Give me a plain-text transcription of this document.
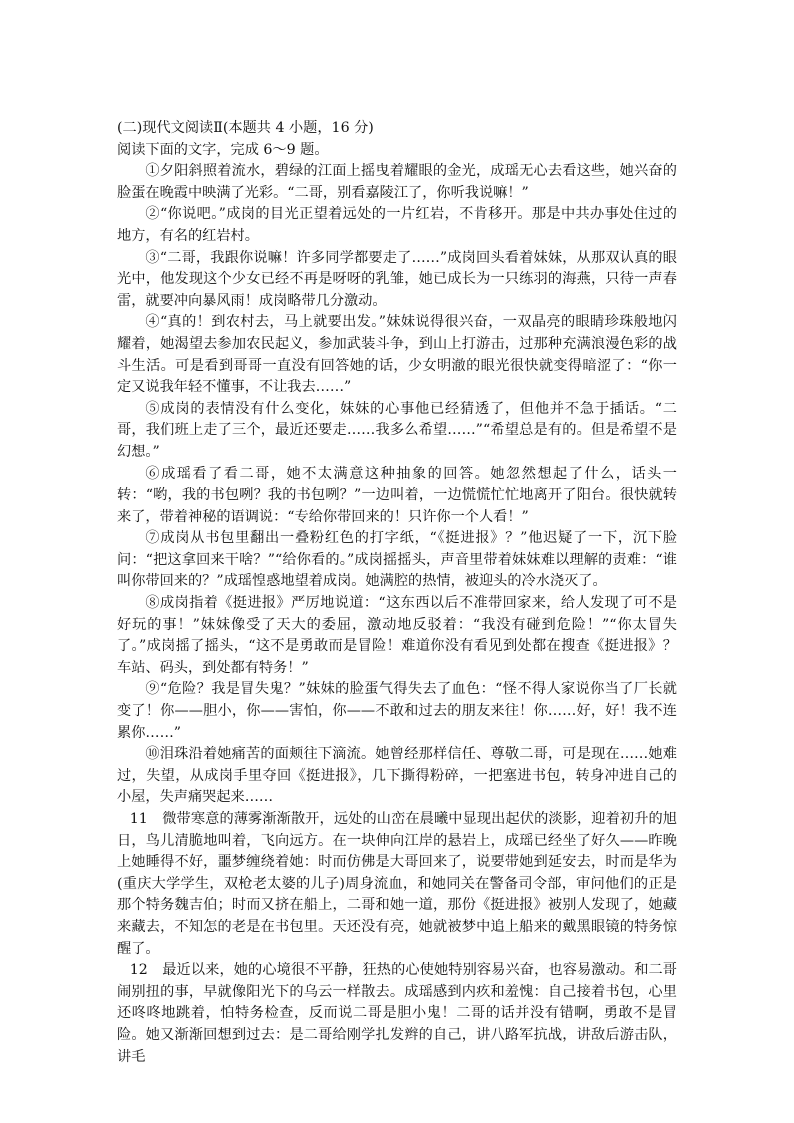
(二)现代文阅读Ⅱ(本题共 4 小题，16 分)

阅读下面的文字，完成 6～9 题。

①夕阳斜照着流水，碧绿的江面上摇曳着耀眼的金光，成瑶无心去看这些，她兴奋的脸蛋在晚霞中映满了光彩。“二哥，别看嘉陵江了，你听我说嘛！”

②“你说吧。”成岗的目光正望着远处的一片红岩，不肯移开。那是中共办事处住过的地方，有名的红岩村。

③“二哥，我跟你说嘛！许多同学都要走了……”成岗回头看着妹妹，从那双认真的眼光中，他发现这个少女已经不再是呀呀的乳雏，她已成长为一只练羽的海燕，只待一声春雷，就要冲向暴风雨！成岗略带几分激动。

④“真的！到农村去，马上就要出发。”妹妹说得很兴奋，一双晶亮的眼睛珍珠般地闪耀着，她渴望去参加农民起义，参加武装斗争，到山上打游击，过那种充满浪漫色彩的战斗生活。可是看到哥哥一直没有回答她的话，少女明澈的眼光很快就变得暗涩了：“你一定又说我年轻不懂事，不让我去……”

⑤成岗的表情没有什么变化，妹妹的心事他已经猜透了，但他并不急于插话。“二哥，我们班上走了三个，最近还要走……我多么希望……”“希望总是有的。但是希望不是幻想。”

⑥成瑶看了看二哥，她不太满意这种抽象的回答。她忽然想起了什么，话头一转：“哟，我的书包咧？我的书包咧？”一边叫着，一边慌慌忙忙地离开了阳台。很快就转来了，带着神秘的语调说：“专给你带回来的！只许你一个人看！”

⑦成岗从书包里翻出一叠粉红色的打字纸，“《挺进报》？”他迟疑了一下，沉下脸问：“把这拿回来干啥？”“给你看的。”成岗摇摇头，声音里带着妹妹难以理解的责难：“谁叫你带回来的？”成瑶惶惑地望着成岗。她满腔的热情，被迎头的冷水浇灭了。

⑧成岗指着《挺进报》严厉地说道：“这东西以后不准带回家来，给人发现了可不是好玩的事！”妹妹像受了天大的委屈，激动地反驳着：“我没有碰到危险！”“你太冒失了。”成岗摇了摇头，“这不是勇敢而是冒险！难道你没有看见到处都在搜查《挺进报》？车站、码头，到处都有特务！”

⑨“危险？我是冒失鬼？”妹妹的脸蛋气得失去了血色：“怪不得人家说你当了厂长就变了！你——胆小，你——害怕，你——不敢和过去的朋友来往！你……好，好！我不连累你……”

⑩泪珠沿着她痛苦的面颊往下滴流。她曾经那样信任、尊敬二哥，可是现在……她难过，失望，从成岗手里夺回《挺进报》，几下撕得粉碎，一把塞进书包，转身冲进自己的小屋，失声痛哭起来……

11　微带寒意的薄雾渐渐散开，远处的山峦在晨曦中显现出起伏的淡影，迎着初升的旭日，鸟儿清脆地叫着，飞向远方。在一块伸向江岸的悬岩上，成瑶已经坐了好久——昨晚上她睡得不好，噩梦缠绕着她：时而仿佛是大哥回来了，说要带她到延安去，时而是华为(重庆大学学生，双枪老太婆的儿子)周身流血，和她同关在警备司令部，审问他们的正是那个特务魏吉伯；时而又挤在船上，二哥和她一道，那份《挺进报》被别人发现了，她藏来藏去，不知怎的老是在书包里。天还没有亮，她就被梦中追上船来的戴黑眼镜的特务惊醒了。

12　最近以来，她的心境很不平静，狂热的心使她特别容易兴奋，也容易激动。和二哥闹别扭的事，早就像阳光下的乌云一样散去。成瑶感到内疚和羞愧：自己接着书包，心里还咚咚地跳着，怕特务检查，反而说二哥是胆小鬼！二哥的话并没有错啊，勇敢不是冒险。她又渐渐回想到过去：是二哥给刚学扎发辫的自己，讲八路军抗战，讲敌后游击队，讲毛
